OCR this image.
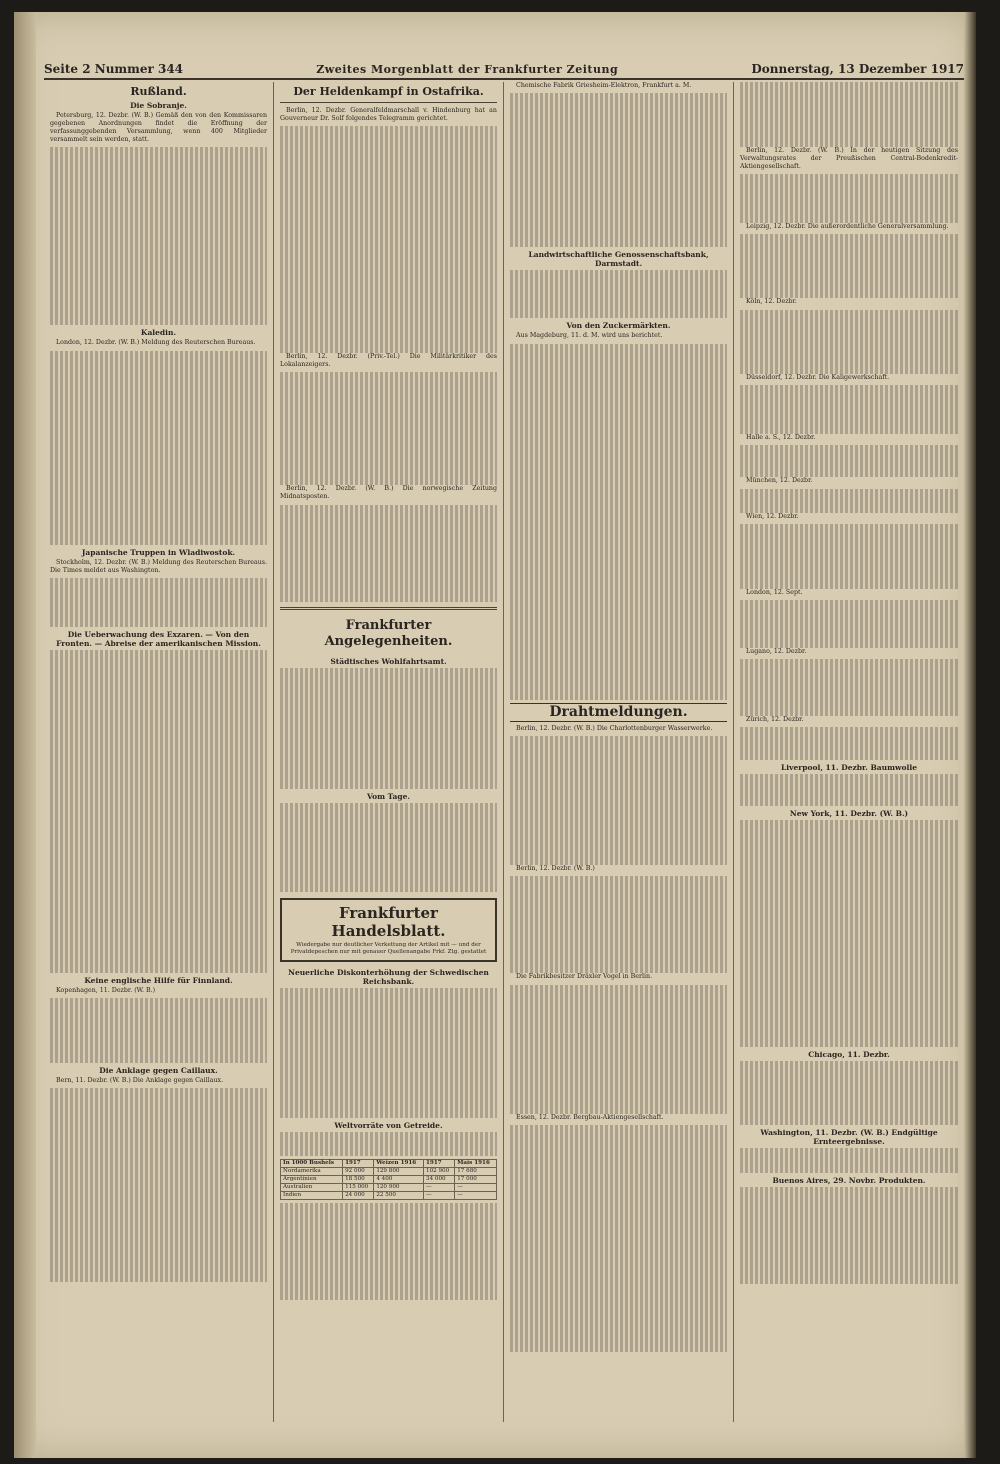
Seite 2 Nummer 344	Zweites Morgenblatt der Frankfurter Zeitung	Donnerstag, 13 Dezember 1917
Rußland.
Die Sobranje.

Petersburg, 12. Dezbr. (W. B.) Gemäß den von den Kommissaren gegebenen Anordnungen findet die Eröffnung der verfassunggebenden Versammlung, wenn 400 Mitglieder versammelt sein werden, statt.

Kaledin.

London, 12. Dezbr. (W. B.) Meldung des Reuterschen Bureaus.

Japanische Truppen in Wladiwostok.

Stockholm, 12. Dezbr. (W. B.) Meldung des Reuterschen Bureaus. Die Times meldet aus Washington.

Die Ueberwachung des Exzaren. — Von den Fronten. — Abreise der amerikanischen Mission.
Keine englische Hilfe für Finnland.

Kopenhagen, 11. Dezbr. (W. B.)

Die Anklage gegen Caillaux.

Bern, 11. Dezbr. (W. B.) Die Anklage gegen Caillaux.

Der Heldenkampf in Ostafrika.

Berlin, 12. Dezbr. Generalfeldmarschall v. Hindenburg hat an Gouverneur Dr. Solf folgendes Telegramm gerichtet.

Berlin, 12. Dezbr. (Priv.-Tel.) Die Militärkritiker des Lokalanzeigers.

Berlin, 12. Dezbr. (W. B.) Die norwegische Zeitung Midnatsposten.

Frankfurter Angelegenheiten.
Städtisches Wohlfahrtsamt.
Vom Tage.
Frankfurter Handelsblatt.
Wiedergabe nur deutlicher Verkettung der Artikel mit — und der Privatdepeschen nur mit genauer Quellenangabe Frkf. Ztg. gestattet
Neuerliche Diskonterhöhung der Schwedischen Reichsbank.
Weltvorräte von Getreide.
In 1000 Bushels	1917	Weizen 1916	1917	Mais 1916
Nordamerika	92 000	129 800	102 900	17 680
Argentinien	18 500	4 400	34 000	17 000
Australien	115 000	120 900	—	—
Indien	24 000	22 500	—	—

Chemische Fabrik Griesheim-Elektron, Frankfurt a. M.

Landwirtschaftliche Genossenschaftsbank, Darmstadt.
Von den Zuckermärkten.

Aus Magdeburg, 11. d. M. wird uns berichtet.

Drahtmeldungen.

Berlin, 12. Dezbr. (W. B.) Die Charlottenburger Wasserwerke.

Berlin, 12. Dezbr. (W. B.)

Die Fabrikbesitzer Dräxler Vogel in Berlin.

Essen, 12. Dezbr. Bergbau-Aktiengesellschaft.

Berlin, 12. Dezbr. (W. B.) In der heutigen Sitzung des Verwaltungsrates der Preußischen Central-Bodenkredit-Aktiengesellschaft.

Leipzig, 12. Dezbr. Die außerordentliche Generalversammlung.

Köln, 12. Dezbr.

Düsseldorf, 12. Dezbr. Die Kaligewerkschaft.

Halle a. S., 12. Dezbr.

München, 12. Dezbr.

Wien, 12. Dezbr.

London, 12. Sept.

Lugano, 12. Dezbr.

Zürich, 12. Dezbr.

Liverpool, 11. Dezbr. Baumwolle
New York, 11. Dezbr. (W. B.)
Chicago, 11. Dezbr.
Washington, 11. Dezbr. (W. B.) Endgültige Ernteergebnisse.
Buenos Aires, 29. Novbr. Produkten.
